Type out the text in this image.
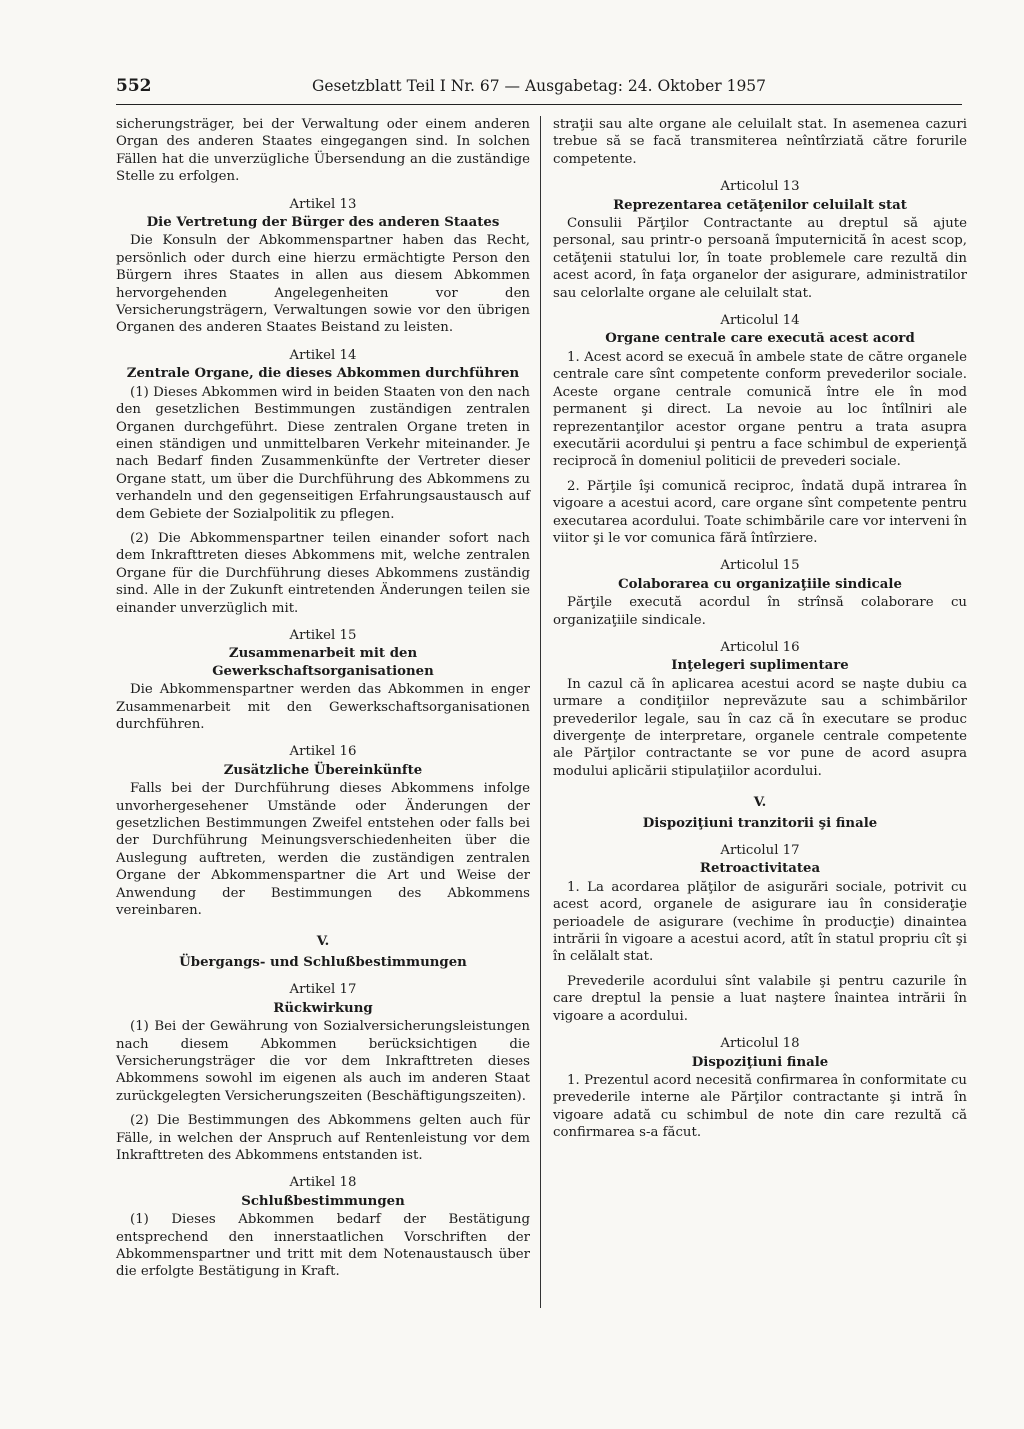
552	Gesetzblatt Teil I Nr. 67 — Ausgabetag: 24. Oktober 1957

sicherungsträger, bei der Verwaltung oder einem anderen Organ des anderen Staates eingegangen sind. In solchen Fällen hat die unverzügliche Übersendung an die zuständige Stelle zu erfolgen.

Artikel 13
Die Vertretung der Bürger des anderen Staates

Die Konsuln der Abkommenspartner haben das Recht, persönlich oder durch eine hierzu ermächtigte Person den Bürgern ihres Staates in allen aus diesem Abkommen hervorgehenden Angelegenheiten vor den Versicherungsträgern, Verwaltungen sowie vor den übrigen Organen des anderen Staates Beistand zu leisten.

Artikel 14
Zentrale Organe, die dieses Abkommen durchführen

(1) Dieses Abkommen wird in beiden Staaten von den nach den gesetzlichen Bestimmungen zuständigen zentralen Organen durchgeführt. Diese zentralen Organe treten in einen ständigen und unmittelbaren Verkehr miteinander. Je nach Bedarf finden Zusammenkünfte der Vertreter dieser Organe statt, um über die Durchführung des Abkommens zu verhandeln und den gegenseitigen Erfahrungsaustausch auf dem Gebiete der Sozialpolitik zu pflegen.

(2) Die Abkommenspartner teilen einander sofort nach dem Inkrafttreten dieses Abkommens mit, welche zentralen Organe für die Durchführung dieses Abkommens zuständig sind. Alle in der Zukunft eintretenden Änderungen teilen sie einander unverzüglich mit.

Artikel 15
Zusammenarbeit mit den Gewerkschaftsorganisationen

Die Abkommenspartner werden das Abkommen in enger Zusammenarbeit mit den Gewerkschaftsorganisationen durchführen.

Artikel 16
Zusätzliche Übereinkünfte

Falls bei der Durchführung dieses Abkommens infolge unvorhergesehener Umstände oder Änderungen der gesetzlichen Bestimmungen Zweifel entstehen oder falls bei der Durchführung Meinungsverschiedenheiten über die Auslegung auftreten, werden die zuständigen zentralen Organe der Abkommenspartner die Art und Weise der Anwendung der Bestimmungen des Abkommens vereinbaren.

V.
Übergangs- und Schlußbestimmungen
Artikel 17
Rückwirkung

(1) Bei der Gewährung von Sozialversicherungsleistungen nach diesem Abkommen berücksichtigen die Versicherungsträger die vor dem Inkrafttreten dieses Abkommens sowohl im eigenen als auch im anderen Staat zurückgelegten Versicherungszeiten (Beschäftigungszeiten).

(2) Die Bestimmungen des Abkommens gelten auch für Fälle, in welchen der Anspruch auf Rentenleistung vor dem Inkrafttreten des Abkommens entstanden ist.

Artikel 18
Schlußbestimmungen

(1) Dieses Abkommen bedarf der Bestätigung entsprechend den innerstaatlichen Vorschriften der Abkommenspartner und tritt mit dem Notenaustausch über die erfolgte Bestätigung in Kraft.

straţii sau alte organe ale celuilalt stat. In asemenea cazuri trebue să se facă transmiterea neîntîrziată către forurile competente.

Articolul 13
Reprezentarea cetăţenilor celuilalt stat

Consulii Părţilor Contractante au dreptul să ajute personal, sau printr-o persoană împuternicită în acest scop, cetăţenii statului lor, în toate problemele care rezultă din acest acord, în faţa organelor der asigurare, administratilor sau celorlalte organe ale celuilalt stat.

Articolul 14
Organe centrale care execută acest acord

1. Acest acord se execuă în ambele state de către organele centrale care sînt competente conform prevederilor sociale. Aceste organe centrale comunică între ele în mod permanent şi direct. La nevoie au loc întîlniri ale reprezentanţilor acestor organe pentru a trata asupra executării acordului şi pentru a face schimbul de experienţă reciprocă în domeniul politicii de prevederi sociale.

2. Părţile îşi comunică reciproc, îndată după intrarea în vigoare a acestui acord, care organe sînt competente pentru executarea acordului. Toate schimbările care vor interveni în viitor şi le vor comunica fără întîrziere.

Articolul 15
Colaborarea cu organizaţiile sindicale

Părţile execută acordul în strînsă colaborare cu organizaţiile sindicale.

Articolul 16
Inţelegeri suplimentare

In cazul că în aplicarea acestui acord se naşte dubiu ca urmare a condiţiilor neprevăzute sau a schimbărilor prevederilor legale, sau în caz că în executare se produc divergenţe de interpretare, organele centrale competente ale Părţilor contractante se vor pune de acord asupra modului aplicării stipulaţiilor acordului.

V.
Dispoziţiuni tranzitorii şi finale
Articolul 17
Retroactivitatea

1. La acordarea plăţilor de asigurări sociale, potrivit cu acest acord, organele de asigurare iau în consideraţie perioadele de asigurare (vechime în producţie) dinaintea intrării în vigoare a acestui acord, atît în statul propriu cît şi în celălalt stat.

Prevederile acordului sînt valabile şi pentru cazurile în care dreptul la pensie a luat naştere înaintea intrării în vigoare a acordului.

Articolul 18
Dispoziţiuni finale

1. Prezentul acord necesită confirmarea în conformitate cu prevederile interne ale Părţilor contractante şi intră în vigoare adată cu schimbul de note din care rezultă că confirmarea s-a făcut.
